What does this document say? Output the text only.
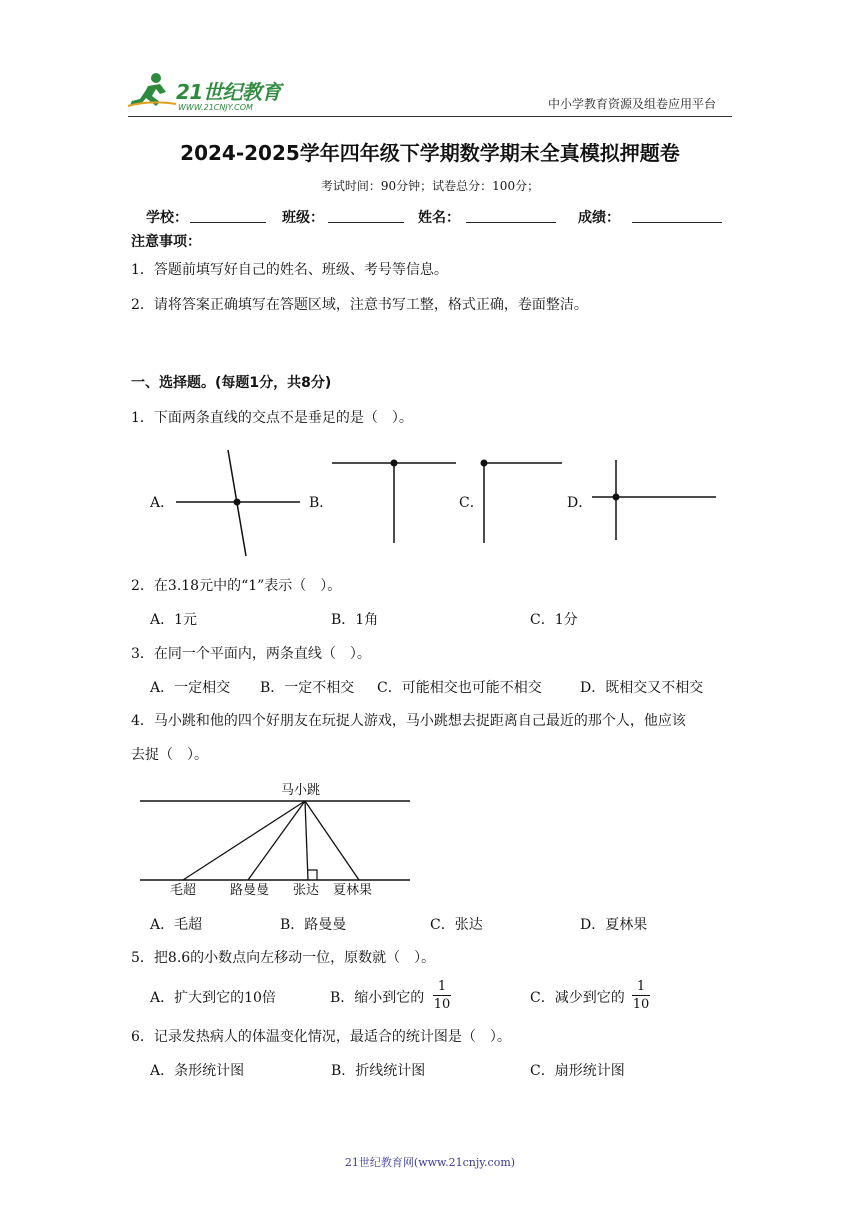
21世纪教育
WWW.21CNJY.COM	中小学教育资源及组卷应用平台
2024-2025学年四年级下学期数学期末全真模拟押题卷
考试时间：90分钟；试卷总分：100分；
学校：	班级：	姓名：	成绩：
注意事项：
1．答题前填写好自己的姓名、班级、考号等信息。
2．请将答案正确填写在答题区域，注意书写工整，格式正确，卷面整洁。
一、选择题。(每题1分，共8分)
1．下面两条直线的交点不是垂足的是（　）。
A．	B．	C．	D．
2．在3.18元中的“1”表示（　）。
A．1元	B．1角	C．1分
3．在同一个平面内，两条直线（　）。
A．一定相交 B．一定不相交 C．可能相交也可能不相交	D．既相交又不相交
4．马小跳和他的四个好朋友在玩捉人游戏，马小跳想去捉距离自己最近的那个人，他应该
去捉（　）。
马小跳
毛超	路曼曼 张达 夏林果
A．毛超	B．路曼曼	C．张达	D．夏林果
5．把8.6的小数点向左移动一位，原数就（　）。
A．扩大到它的10倍	B．缩小到它的
1
10	C．减少到它的
1
10
6．记录发热病人的体温变化情况，最适合的统计图是（　）。
A．条形统计图	B．折线统计图	C．扇形统计图
21世纪教育网(www.21cnjy.com)
